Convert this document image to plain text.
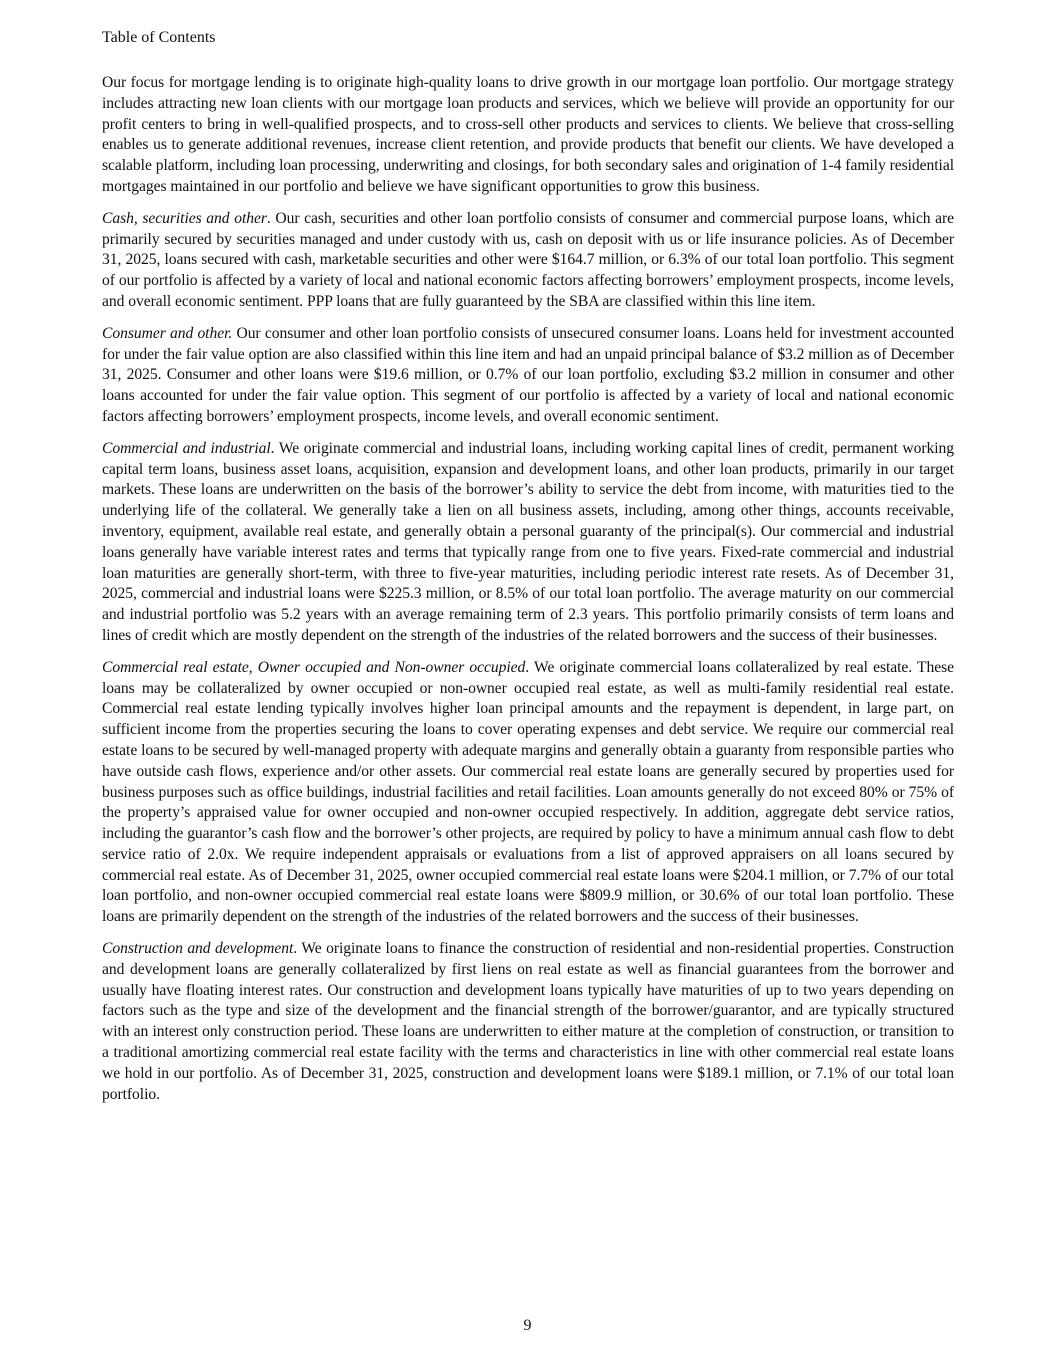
Table of Contents

Our focus for mortgage lending is to originate high-quality loans to drive growth in our mortgage loan portfolio. Our mortgage strategy includes attracting new loan clients with our mortgage loan products and services, which we believe will provide an opportunity for our profit centers to bring in well-qualified prospects, and to cross-sell other products and services to clients. We believe that cross-selling enables us to generate additional revenues, increase client retention, and provide products that benefit our clients. We have developed a scalable platform, including loan processing, underwriting and closings, for both secondary sales and origination of 1-4 family residential mortgages maintained in our portfolio and believe we have significant opportunities to grow this business.

Cash, securities and other. Our cash, securities and other loan portfolio consists of consumer and commercial purpose loans, which are primarily secured by securities managed and under custody with us, cash on deposit with us or life insurance policies. As of December 31, 2025, loans secured with cash, marketable securities and other were $164.7 million, or 6.3% of our total loan portfolio. This segment of our portfolio is affected by a variety of local and national economic factors affecting borrowers’ employment prospects, income levels, and overall economic sentiment. PPP loans that are fully guaranteed by the SBA are classified within this line item.

Consumer and other. Our consumer and other loan portfolio consists of unsecured consumer loans. Loans held for investment accounted for under the fair value option are also classified within this line item and had an unpaid principal balance of $3.2 million as of December 31, 2025. Consumer and other loans were $19.6 million, or 0.7% of our loan portfolio, excluding $3.2 million in consumer and other loans accounted for under the fair value option. This segment of our portfolio is affected by a variety of local and national economic factors affecting borrowers’ employment prospects, income levels, and overall economic sentiment.

Commercial and industrial. We originate commercial and industrial loans, including working capital lines of credit, permanent working capital term loans, business asset loans, acquisition, expansion and development loans, and other loan products, primarily in our target markets. These loans are underwritten on the basis of the borrower’s ability to service the debt from income, with maturities tied to the underlying life of the collateral. We generally take a lien on all business assets, including, among other things, accounts receivable, inventory, equipment, available real estate, and generally obtain a personal guaranty of the principal(s). Our commercial and industrial loans generally have variable interest rates and terms that typically range from one to five years. Fixed-rate commercial and industrial loan maturities are generally short-term, with three to five-year maturities, including periodic interest rate resets. As of December 31, 2025, commercial and industrial loans were $225.3 million, or 8.5% of our total loan portfolio. The average maturity on our commercial and industrial portfolio was 5.2 years with an average remaining term of 2.3 years. This portfolio primarily consists of term loans and lines of credit which are mostly dependent on the strength of the industries of the related borrowers and the success of their businesses.

Commercial real estate, Owner occupied and Non-owner occupied. We originate commercial loans collateralized by real estate. These loans may be collateralized by owner occupied or non-owner occupied real estate, as well as multi-family residential real estate. Commercial real estate lending typically involves higher loan principal amounts and the repayment is dependent, in large part, on sufficient income from the properties securing the loans to cover operating expenses and debt service. We require our commercial real estate loans to be secured by well-managed property with adequate margins and generally obtain a guaranty from responsible parties who have outside cash flows, experience and/or other assets. Our commercial real estate loans are generally secured by properties used for business purposes such as office buildings, industrial facilities and retail facilities. Loan amounts generally do not exceed 80% or 75% of the property’s appraised value for owner occupied and non-owner occupied respectively. In addition, aggregate debt service ratios, including the guarantor’s cash flow and the borrower’s other projects, are required by policy to have a minimum annual cash flow to debt service ratio of 2.0x. We require independent appraisals or evaluations from a list of approved appraisers on all loans secured by commercial real estate. As of December 31, 2025, owner occupied commercial real estate loans were $204.1 million, or 7.7% of our total loan portfolio, and non-owner occupied commercial real estate loans were $809.9 million, or 30.6% of our total loan portfolio. These loans are primarily dependent on the strength of the industries of the related borrowers and the success of their businesses.

Construction and development. We originate loans to finance the construction of residential and non-residential properties. Construction and development loans are generally collateralized by first liens on real estate as well as financial guarantees from the borrower and usually have floating interest rates. Our construction and development loans typically have maturities of up to two years depending on factors such as the type and size of the development and the financial strength of the borrower/guarantor, and are typically structured with an interest only construction period. These loans are underwritten to either mature at the completion of construction, or transition to a traditional amortizing commercial real estate facility with the terms and characteristics in line with other commercial real estate loans we hold in our portfolio. As of December 31, 2025, construction and development loans were $189.1 million, or 7.1% of our total loan portfolio.

9
